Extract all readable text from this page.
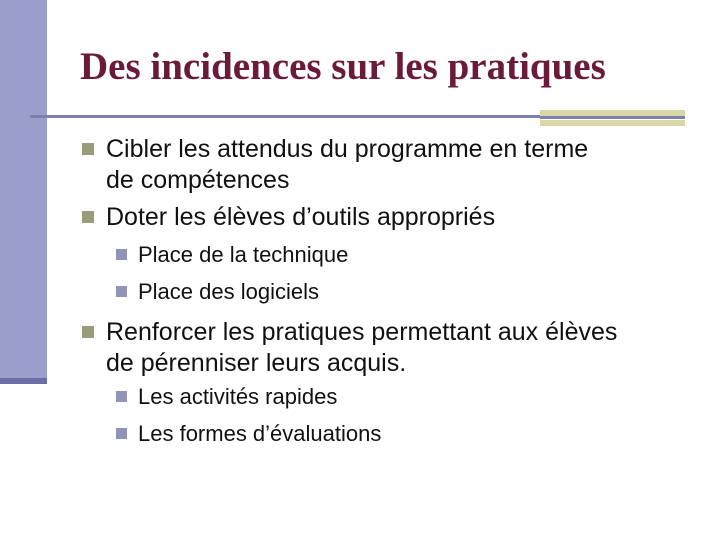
Des incidences sur les pratiques
Cibler les attendus du programme en terme
de compétences
Doter les élèves d’outils appropriés
Place de la technique
Place des logiciels
Renforcer les pratiques permettant aux élèves
de pérenniser leurs acquis.
Les activités rapides
Les formes d’évaluations
